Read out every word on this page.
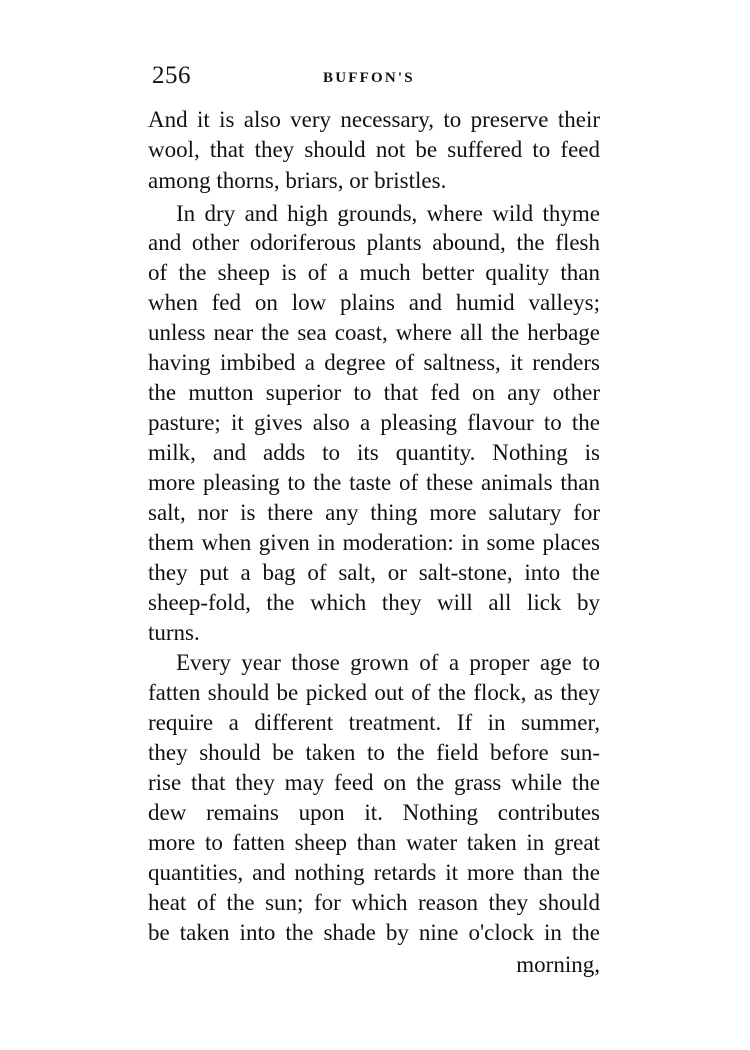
256	BUFFON'S
And it is also very necessary, to preserve their
wool, that they should not be suffered to feed
among thorns, briars, or bristles.
In dry and high grounds, where wild thyme
and other odoriferous plants abound, the flesh
of the sheep is of a much better quality than
when fed on low plains and humid valleys;
unless near the sea coast, where all the herbage
having imbibed a degree of saltness, it renders
the mutton superior to that fed on any other
pasture; it gives also a pleasing flavour to the
milk, and adds to its quantity. Nothing is
more pleasing to the taste of these animals than
salt, nor is there any thing more salutary for
them when given in moderation: in some places
they put a bag of salt, or salt-stone, into the
sheep-fold, the which they will all lick by
turns.
Every year those grown of a proper age to
fatten should be picked out of the flock, as they
require a different treatment. If in summer,
they should be taken to the field before sun-
rise that they may feed on the grass while the
dew remains upon it. Nothing contributes
more to fatten sheep than water taken in great
quantities, and nothing retards it more than the
heat of the sun; for which reason they should
be taken into the shade by nine o'clock in the
morning,
